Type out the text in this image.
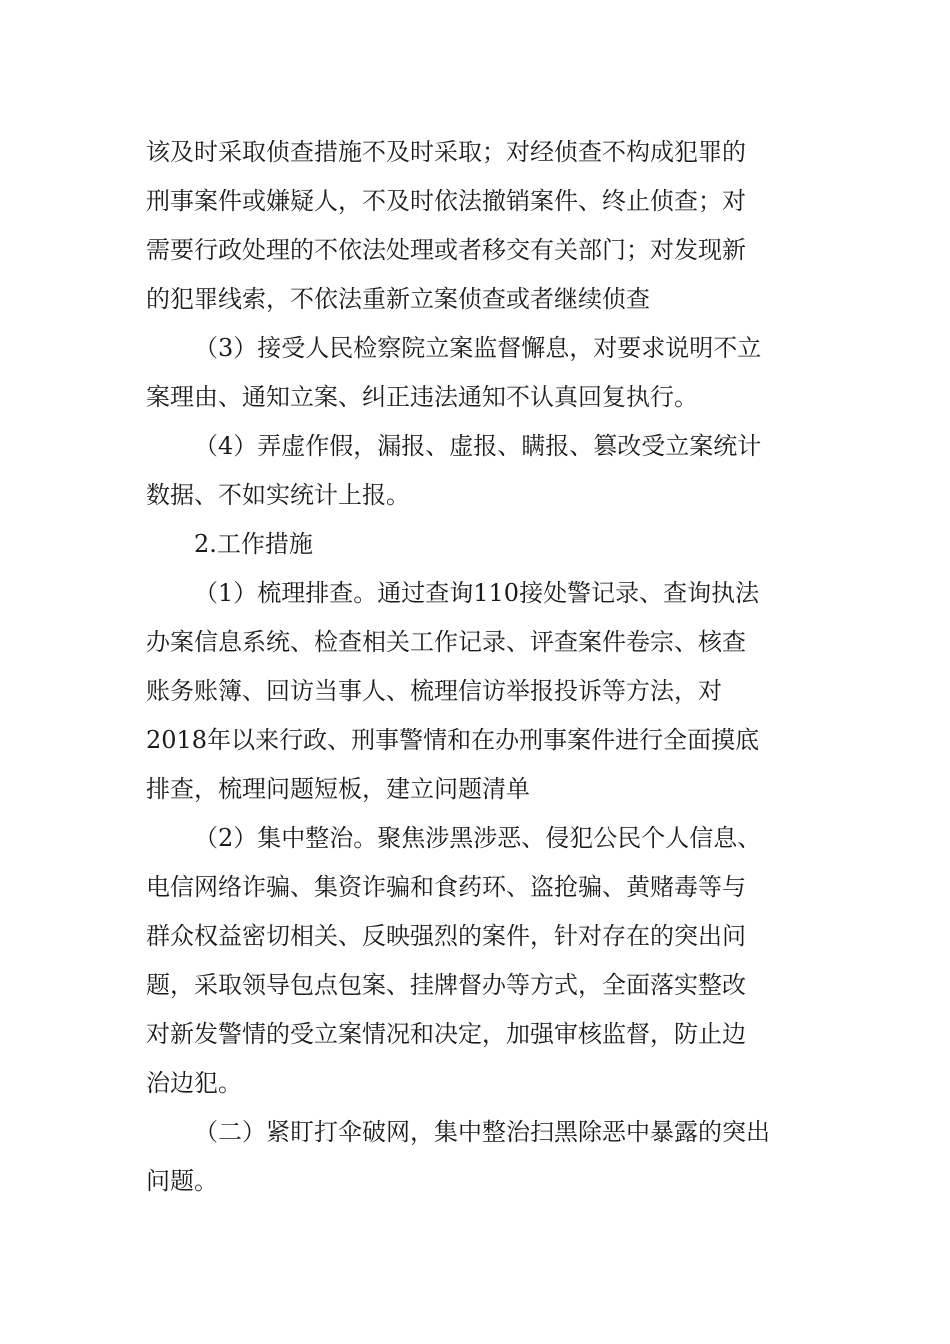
该及时采取侦查措施不及时采取；对经侦查不构成犯罪的

刑事案件或嫌疑人，不及时依法撤销案件、终止侦查；对

需要行政处理的不依法处理或者移交有关部门；对发现新

的犯罪线索，不依法重新立案侦查或者继续侦查

（3）接受人民检察院立案监督懈息，对要求说明不立

案理由、通知立案、纠正违法通知不认真回复执行。

（4）弄虚作假，漏报、虚报、瞒报、篡改受立案统计

数据、不如实统计上报。

2.工作措施

（1）梳理排查。通过查询110接处警记录、查询执法

办案信息系统、检查相关工作记录、评查案件卷宗、核查

账务账簿、回访当事人、梳理信访举报投诉等方法，对

2018年以来行政、刑事警情和在办刑事案件进行全面摸底

排查，梳理问题短板，建立问题清单

（2）集中整治。聚焦涉黑涉恶、侵犯公民个人信息、

电信网络诈骗、集资诈骗和食药环、盗抢骗、黄赌毒等与

群众权益密切相关、反映强烈的案件，针对存在的突出问

题，采取领导包点包案、挂牌督办等方式，全面落实整改

对新发警情的受立案情况和决定，加强审核监督，防止边

治边犯。

（二）紧盯打伞破网，集中整治扫黑除恶中暴露的突出

问题。
